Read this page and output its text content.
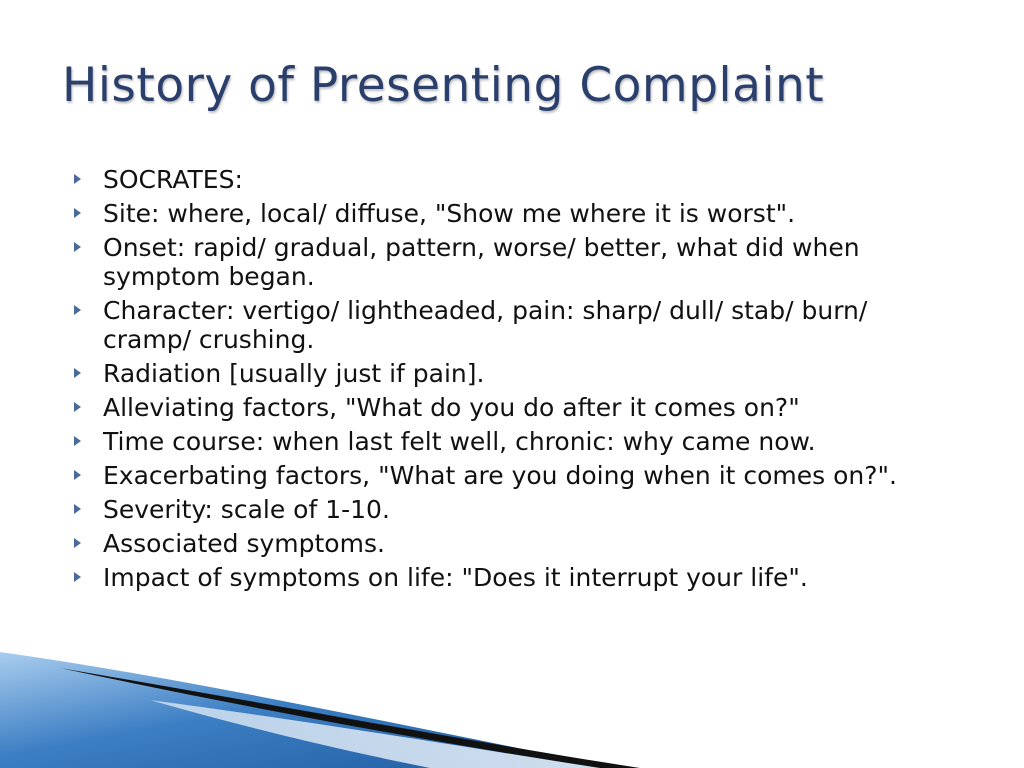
History of Presenting Complaint
SOCRATES:
Site: where, local/ diffuse, "Show me where it is worst".
Onset: rapid/ gradual, pattern, worse/ better, what did when symptom began.
Character: vertigo/ lightheaded, pain: sharp/ dull/ stab/ burn/ cramp/ crushing.
Radiation [usually just if pain].
Alleviating factors, "What do you do after it comes on?"
Time course: when last felt well, chronic: why came now.
Exacerbating factors, "What are you doing when it comes on?".
Severity: scale of 1-10.
Associated symptoms.
Impact of symptoms on life: "Does it interrupt your life".
